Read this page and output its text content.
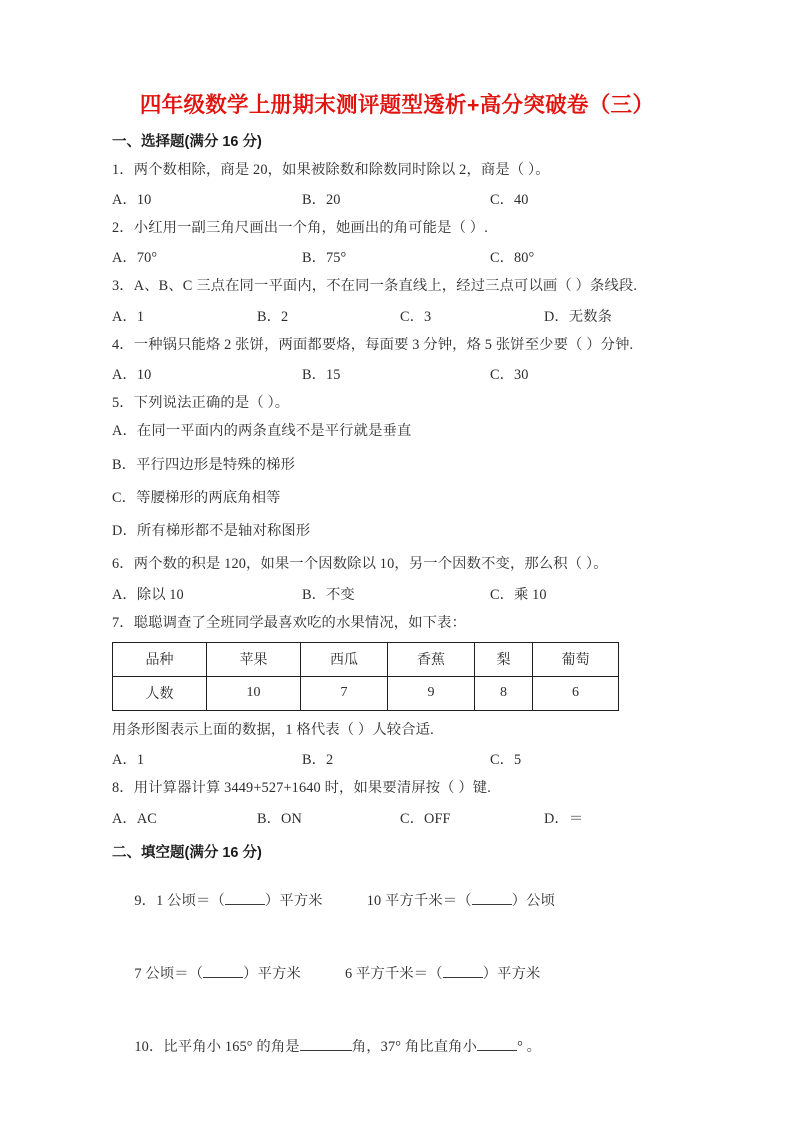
四年级数学上册期末测评题型透析+高分突破卷（三）
一、选择题(满分 16 分)
1．两个数相除，商是 20，如果被除数和除数同时除以 2，商是（ ）。
A．10	B．20	C．40
2．小红用一副三角尺画出一个角，她画出的角可能是（ ）.
A．70°	B．75°	C．80°
3．A、B、C 三点在同一平面内，不在同一条直线上，经过三点可以画（ ）条线段.
A．1	B．2	C．3	D．无数条
4．一种锅只能烙 2 张饼，两面都要烙，每面要 3 分钟，烙 5 张饼至少要（ ）分钟.
A．10	B．15	C．30
5．下列说法正确的是（ ）。
A．在同一平面内的两条直线不是平行就是垂直
B．平行四边形是特殊的梯形
C．等腰梯形的两底角相等
D．所有梯形都不是轴对称图形
6．两个数的积是 120，如果一个因数除以 10，另一个因数不变，那么积（ ）。
A．除以 10	B．不变	C．乘 10
7．聪聪调查了全班同学最喜欢吃的水果情况，如下表：
品种	苹果	西瓜	香蕉	梨	葡萄
人数	10	7	9	8	6
用条形图表示上面的数据，1 格代表（ ）人较合适.
A．1	B．2	C．5
8．用计算器计算 3449+527+1640 时，如果要清屏按（ ）键.
A．AC	B．ON	C．OFF	D．＝
二、填空题(满分 16 分)

9．1 公顷＝（	）平方米	10 平方千米＝（	）公顷

7 公顷＝（	）平方米	6 平方千米＝（	）平方米

10．比平角小 165° 的角是	角，37° 角比直角小	° 。
